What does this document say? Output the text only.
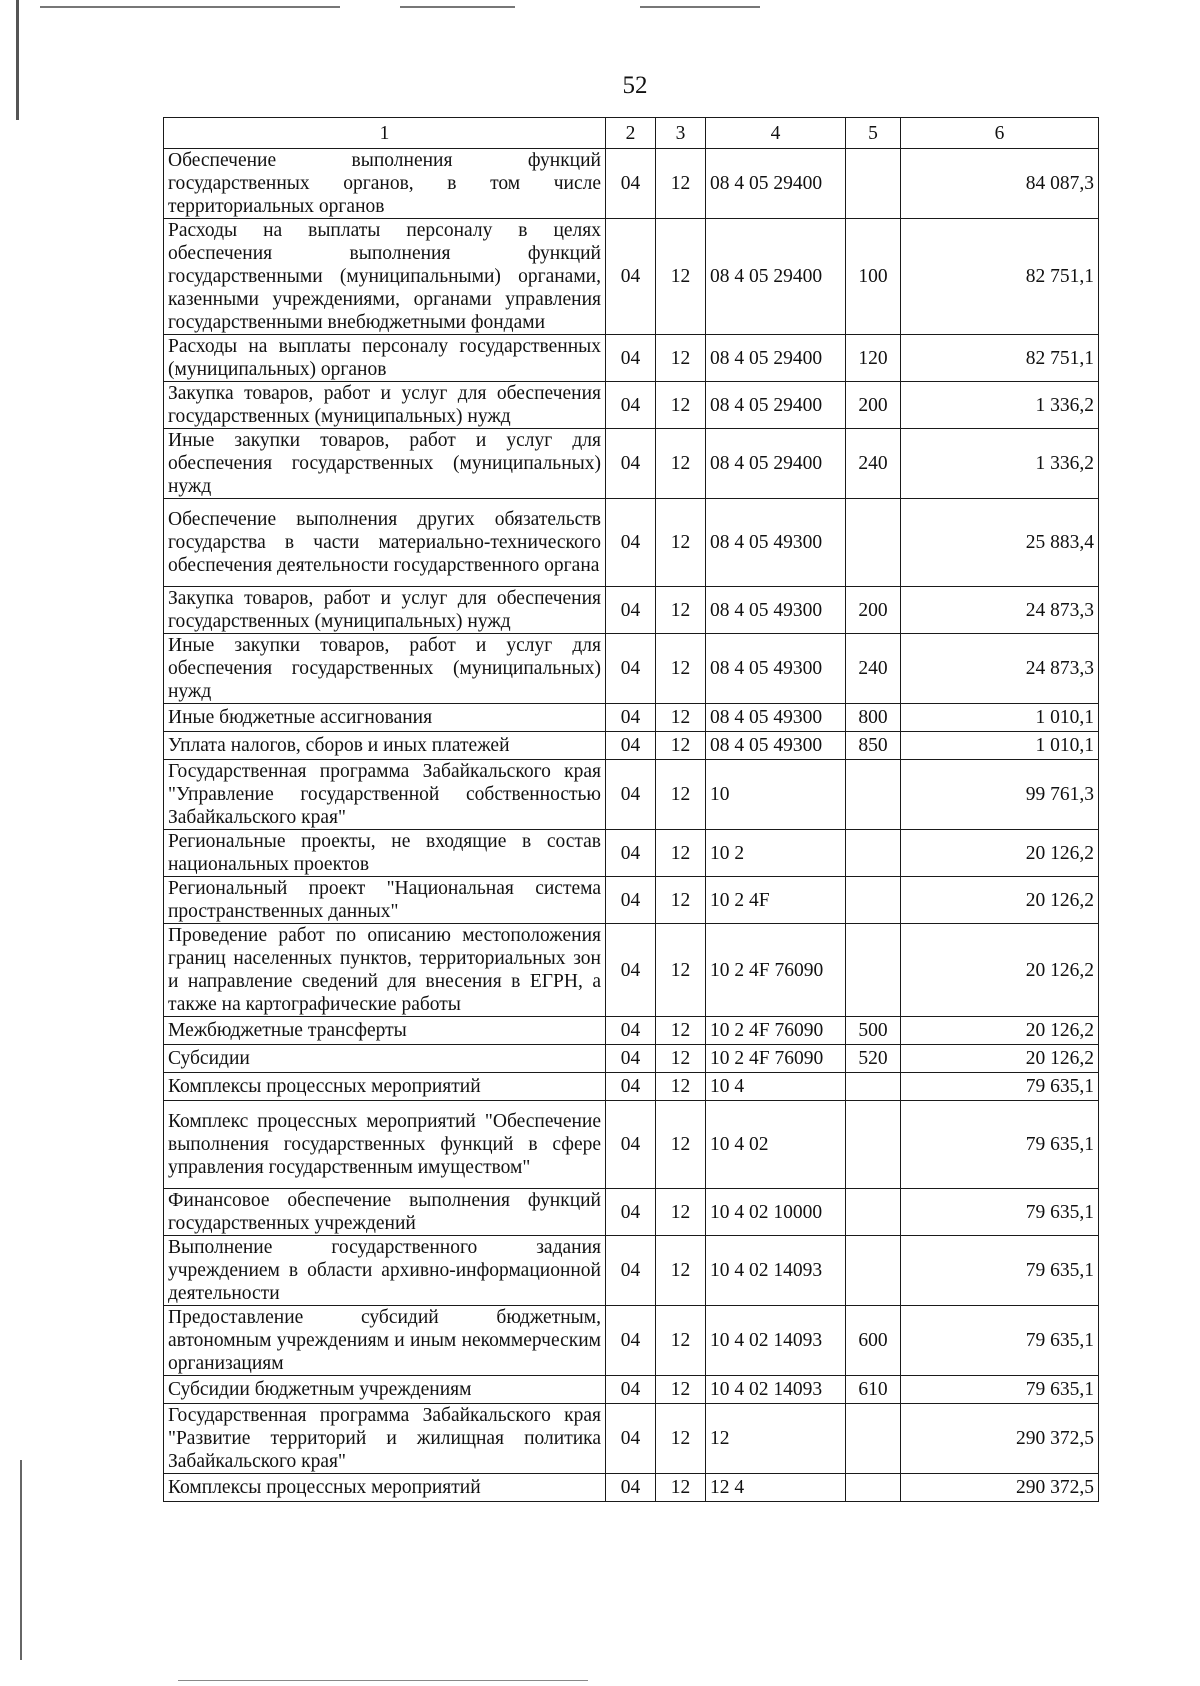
52
1	2	3	4	5	6
Обеспечение выполнения функций государственных органов, в том числе территориальных органов	04	12	08 4 05 29400		84 087,3
Расходы на выплаты персоналу в целях обеспечения выполнения функций государственными (муниципальными) органами, казенными учреждениями, органами управления государственными внебюджетными фондами	04	12	08 4 05 29400	100	82 751,1
Расходы на выплаты персоналу государственных (муниципальных) органов	04	12	08 4 05 29400	120	82 751,1
Закупка товаров, работ и услуг для обеспечения государственных (муниципальных) нужд	04	12	08 4 05 29400	200	1 336,2
Иные закупки товаров, работ и услуг для обеспечения государственных (муниципальных) нужд	04	12	08 4 05 29400	240	1 336,2
Обеспечение выполнения других обязательств государства в части материально-технического обеспечения деятельности государственного органа	04	12	08 4 05 49300		25 883,4
Закупка товаров, работ и услуг для обеспечения государственных (муниципальных) нужд	04	12	08 4 05 49300	200	24 873,3
Иные закупки товаров, работ и услуг для обеспечения государственных (муниципальных) нужд	04	12	08 4 05 49300	240	24 873,3
Иные бюджетные ассигнования	04	12	08 4 05 49300	800	1 010,1
Уплата налогов, сборов и иных платежей	04	12	08 4 05 49300	850	1 010,1
Государственная программа Забайкальского края "Управление государственной собственностью Забайкальского края"	04	12	10		99 761,3
Региональные проекты, не входящие в состав национальных проектов	04	12	10 2		20 126,2
Региональный проект "Национальная система пространственных данных"	04	12	10 2 4F		20 126,2
Проведение работ по описанию местоположения границ населенных пунктов, территориальных зон и направление сведений для внесения в ЕГРН, а также на картографические работы	04	12	10 2 4F 76090		20 126,2
Межбюджетные трансферты	04	12	10 2 4F 76090	500	20 126,2
Субсидии	04	12	10 2 4F 76090	520	20 126,2
Комплексы процессных мероприятий	04	12	10 4		79 635,1
Комплекс процессных мероприятий "Обеспечение выполнения государственных функций в сфере управления государственным имуществом"	04	12	10 4 02		79 635,1
Финансовое обеспечение выполнения функций государственных учреждений	04	12	10 4 02 10000		79 635,1
Выполнение государственного задания учреждением в области архивно-информационной деятельности	04	12	10 4 02 14093		79 635,1
Предоставление субсидий бюджетным, автономным учреждениям и иным некоммерческим организациям	04	12	10 4 02 14093	600	79 635,1
Субсидии бюджетным учреждениям	04	12	10 4 02 14093	610	79 635,1
Государственная программа Забайкальского края "Развитие территорий и жилищная политика Забайкальского края"	04	12	12		290 372,5
Комплексы процессных мероприятий	04	12	12 4		290 372,5
